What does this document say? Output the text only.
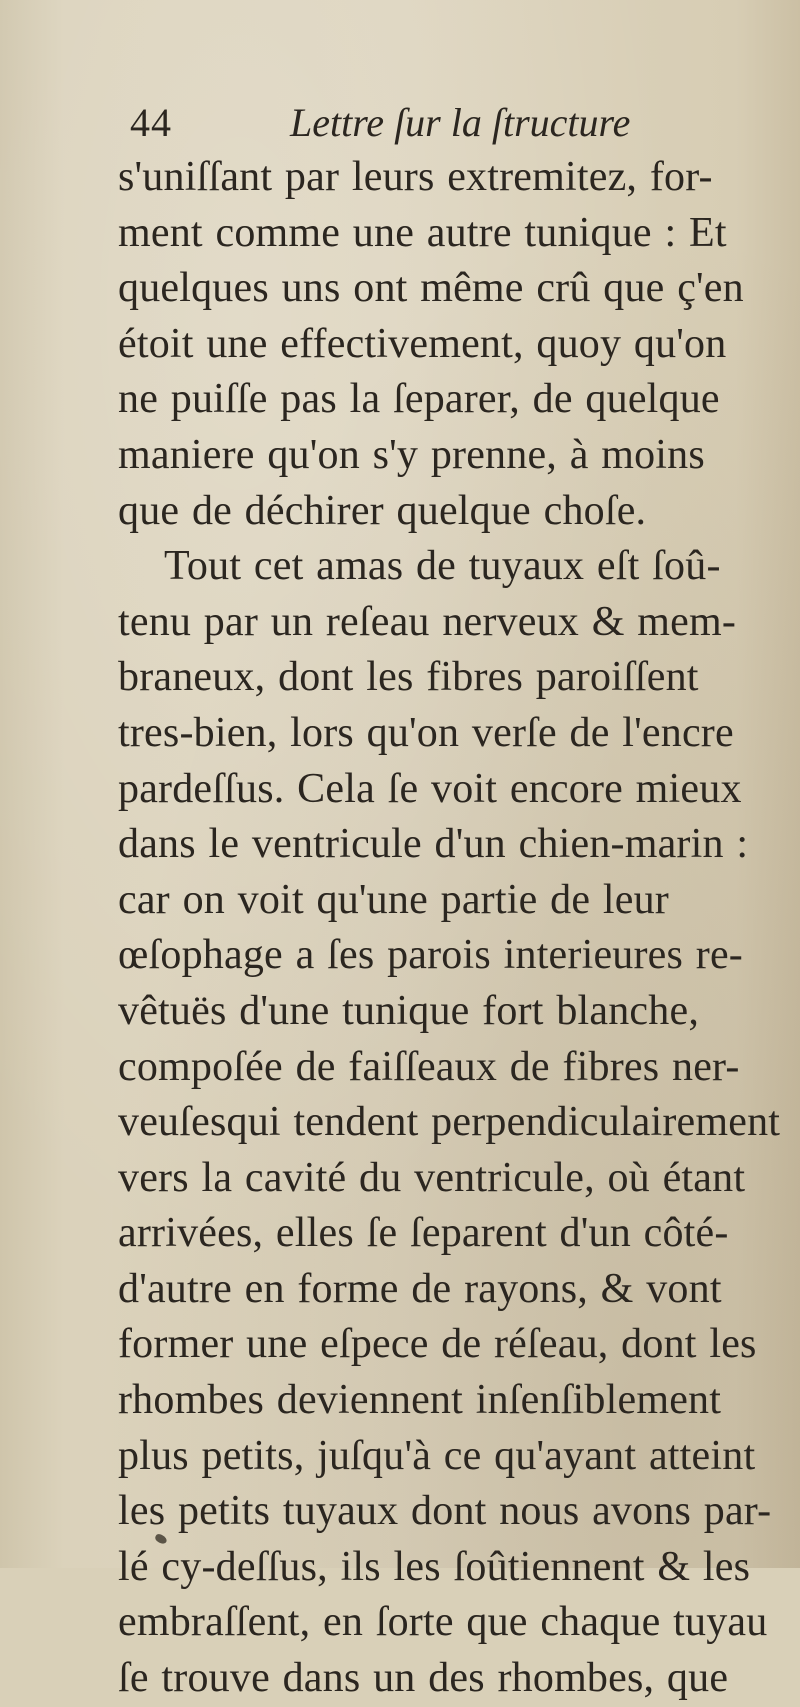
44	Lettre ſur la ſtructure
s'uniſſant par leurs extremitez, for-
ment comme une autre tunique : Et
quelques uns ont même crû que ç'en
étoit une effectivement, quoy qu'on
ne puiſſe pas la ſeparer, de quelque
maniere qu'on s'y prenne, à moins
que de déchirer quelque choſe.
Tout cet amas de tuyaux eſt ſoû-
tenu par un reſeau nerveux & mem-
braneux, dont les fibres paroiſſent
tres-bien, lors qu'on verſe de l'encre
pardeſſus. Cela ſe voit encore mieux
dans le ventricule d'un chien-marin :
car on voit qu'une partie de leur
œſophage a ſes parois interieures re-
vêtuës d'une tunique fort blanche,
compoſée de faiſſeaux de fibres ner-
veuſesqui tendent perpendiculairement
vers la cavité du ventricule, où étant
arrivées, elles ſe ſeparent d'un côté-
d'autre en forme de rayons, & vont
former une eſpece de réſeau, dont les
rhombes deviennent inſenſiblement
plus petits, juſqu'à ce qu'ayant atteint
les petits tuyaux dont nous avons par-
lé cy-deſſus, ils les ſoûtiennent & les
embraſſent, en ſorte que chaque tuyau
ſe trouve dans un des rhombes, que
